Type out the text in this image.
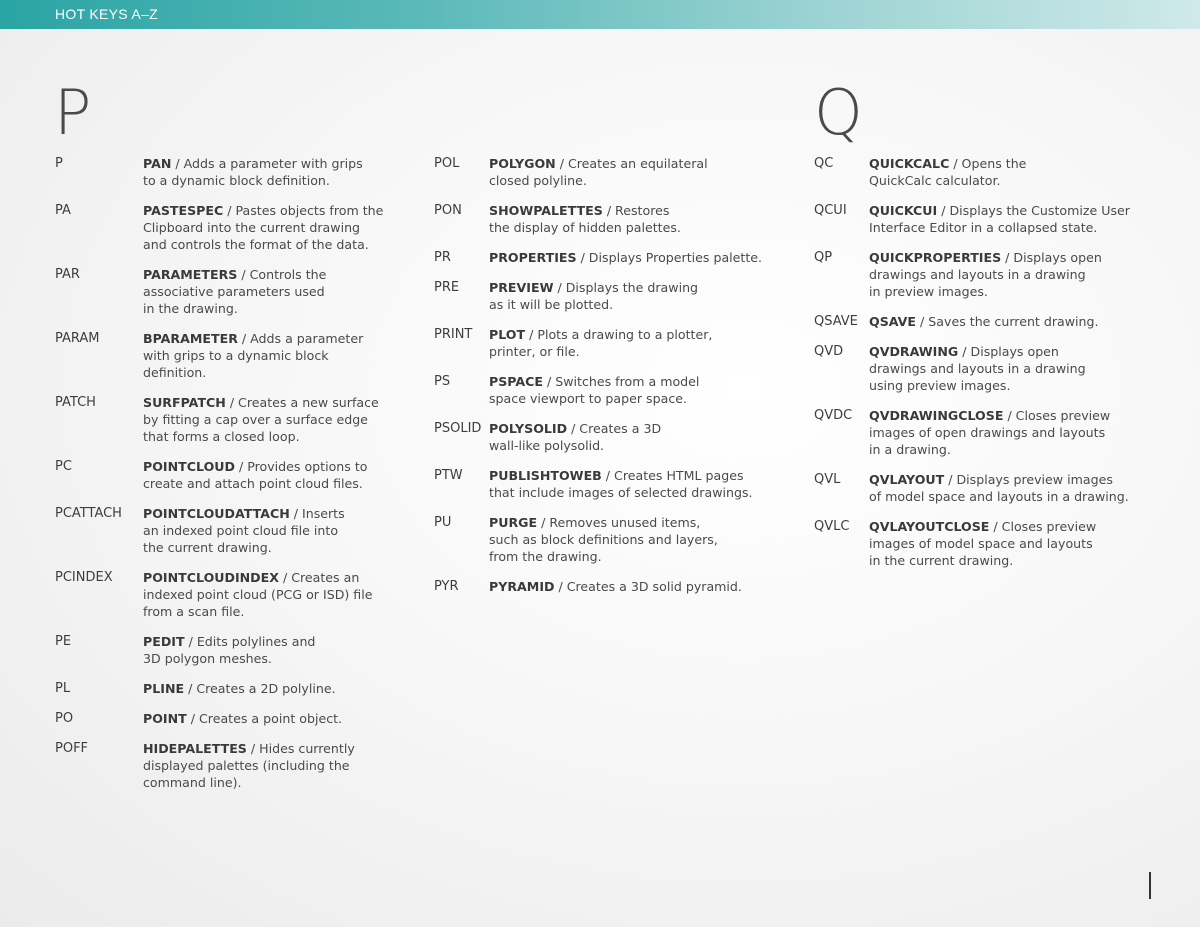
HOT KEYS A–Z
P	Q
P	PAN / Adds a parameter with grips
to a dynamic block definition.
PA	PASTESPEC / Pastes objects from the
Clipboard into the current drawing
and controls the format of the data.
PAR	PARAMETERS / Controls the
associative parameters used
in the drawing.
PARAM	BPARAMETER / Adds a parameter
with grips to a dynamic block
definition.
PATCH	SURFPATCH / Creates a new surface
by fitting a cap over a surface edge
that forms a closed loop.
PC	POINTCLOUD / Provides options to
create and attach point cloud files.
PCATTACH	POINTCLOUDATTACH / Inserts
an indexed point cloud file into
the current drawing.
PCINDEX	POINTCLOUDINDEX / Creates an
indexed point cloud (PCG or ISD) file
from a scan file.
PE	PEDIT / Edits polylines and
3D polygon meshes.
PL	PLINE / Creates a 2D polyline.
PO	POINT / Creates a point object.
POFF	HIDEPALETTES / Hides currently
displayed palettes (including the
command line).
POL	POLYGON / Creates an equilateral
closed polyline.
PON	SHOWPALETTES / Restores
the display of hidden palettes.
PR	PROPERTIES / Displays Properties palette.
PRE	PREVIEW / Displays the drawing
as it will be plotted.
PRINT	PLOT / Plots a drawing to a plotter,
printer, or file.
PS	PSPACE / Switches from a model
space viewport to paper space.
PSOLID POLYSOLID / Creates a 3D
wall-like polysolid.
PTW	PUBLISHTOWEB / Creates HTML pages
that include images of selected drawings.
PU	PURGE / Removes unused items,
such as block definitions and layers,
from the drawing.
PYR	PYRAMID / Creates a 3D solid pyramid.
QC	QUICKCALC / Opens the
QuickCalc calculator.
QCUI	QUICKCUI / Displays the Customize User
Interface Editor in a collapsed state.
QP	QUICKPROPERTIES / Displays open
drawings and layouts in a drawing
in preview images.
QSAVE QSAVE / Saves the current drawing.
QVD	QVDRAWING / Displays open
drawings and layouts in a drawing
using preview images.
QVDC	QVDRAWINGCLOSE / Closes preview
images of open drawings and layouts
in a drawing.
QVL	QVLAYOUT / Displays preview images
of model space and layouts in a drawing.
QVLC	QVLAYOUTCLOSE / Closes preview
images of model space and layouts
in the current drawing.
